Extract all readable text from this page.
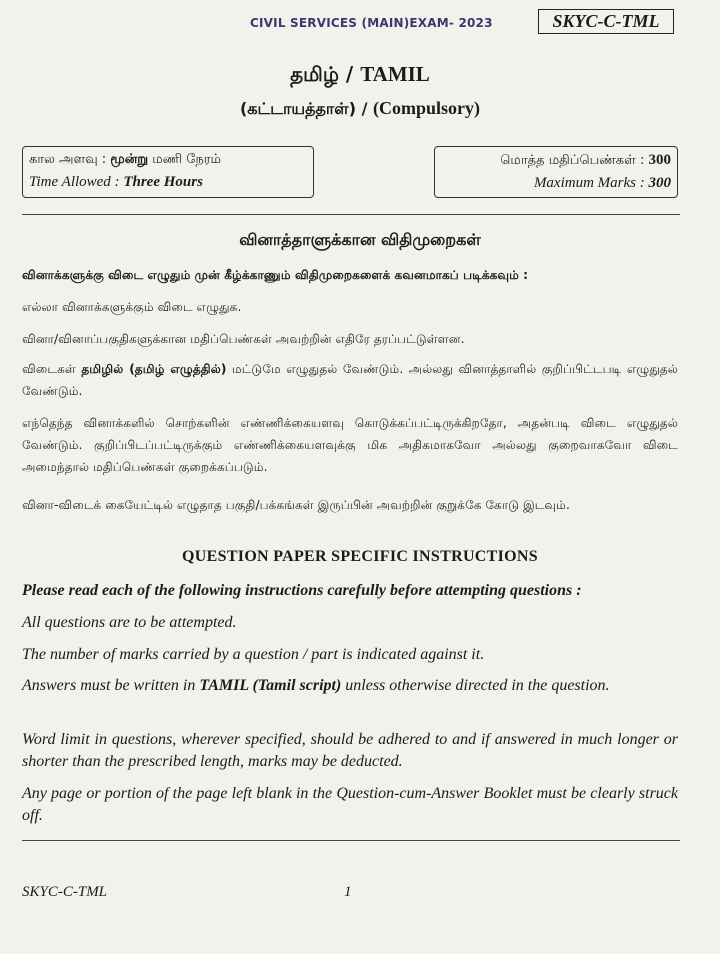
CIVIL SERVICES (MAIN)EXAM- 2023	SKYC-C-TML
தமிழ் / TAMIL
(கட்டாயத்தாள்) / (Compulsory)
கால அளவு : மூன்று மணி நேரம்
Time Allowed : Three Hours
மொத்த மதிப்பெண்கள் : 300
Maximum Marks : 300
வினாத்தாளுக்கான விதிமுறைகள்
வினாக்களுக்கு விடை எழுதும் முன் கீழ்க்காணும் விதிமுறைகளைக் கவனமாகப் படிக்கவும் :
எல்லா வினாக்களுக்கும் விடை எழுதுக.
வினா/வினாப்பகுதிகளுக்கான மதிப்பெண்கள் அவற்றின் எதிரே தரப்பட்டுள்ளன.
விடைகள் தமிழில் (தமிழ் எழுத்தில்) மட்டுமே எழுதுதல் வேண்டும். அல்லது வினாத்தாளில் குறிப்பிட்டபடி எழுதுதல் வேண்டும்.
எந்தெந்த வினாக்களில் சொற்களின் எண்ணிக்கையளவு கொடுக்கப்பட்டிருக்கிறதோ, அதன்படி விடை எழுதுதல் வேண்டும். குறிப்பிடப்பட்டிருக்கும் எண்ணிக்கையளவுக்கு மிக அதிகமாகவோ அல்லது குறைவாகவோ விடை அமைந்தால் மதிப்பெண்கள் குறைக்கப்படும்.
வினா-விடைக் கையேட்டில் எழுதாத பகுதி/பக்கங்கள் இருப்பின் அவற்றின் குறுக்கே கோடு இடவும்.
QUESTION PAPER SPECIFIC INSTRUCTIONS
Please read each of the following instructions carefully before attempting questions :
All questions are to be attempted.
The number of marks carried by a question / part is indicated against it.
Answers must be written in TAMIL (Tamil script) unless otherwise directed in the question.
Word limit in questions, wherever specified, should be adhered to and if answered in much longer or shorter than the prescribed length, marks may be deducted.
Any page or portion of the page left blank in the Question-cum-Answer Booklet must be clearly struck off.
SKYC-C-TML	1
